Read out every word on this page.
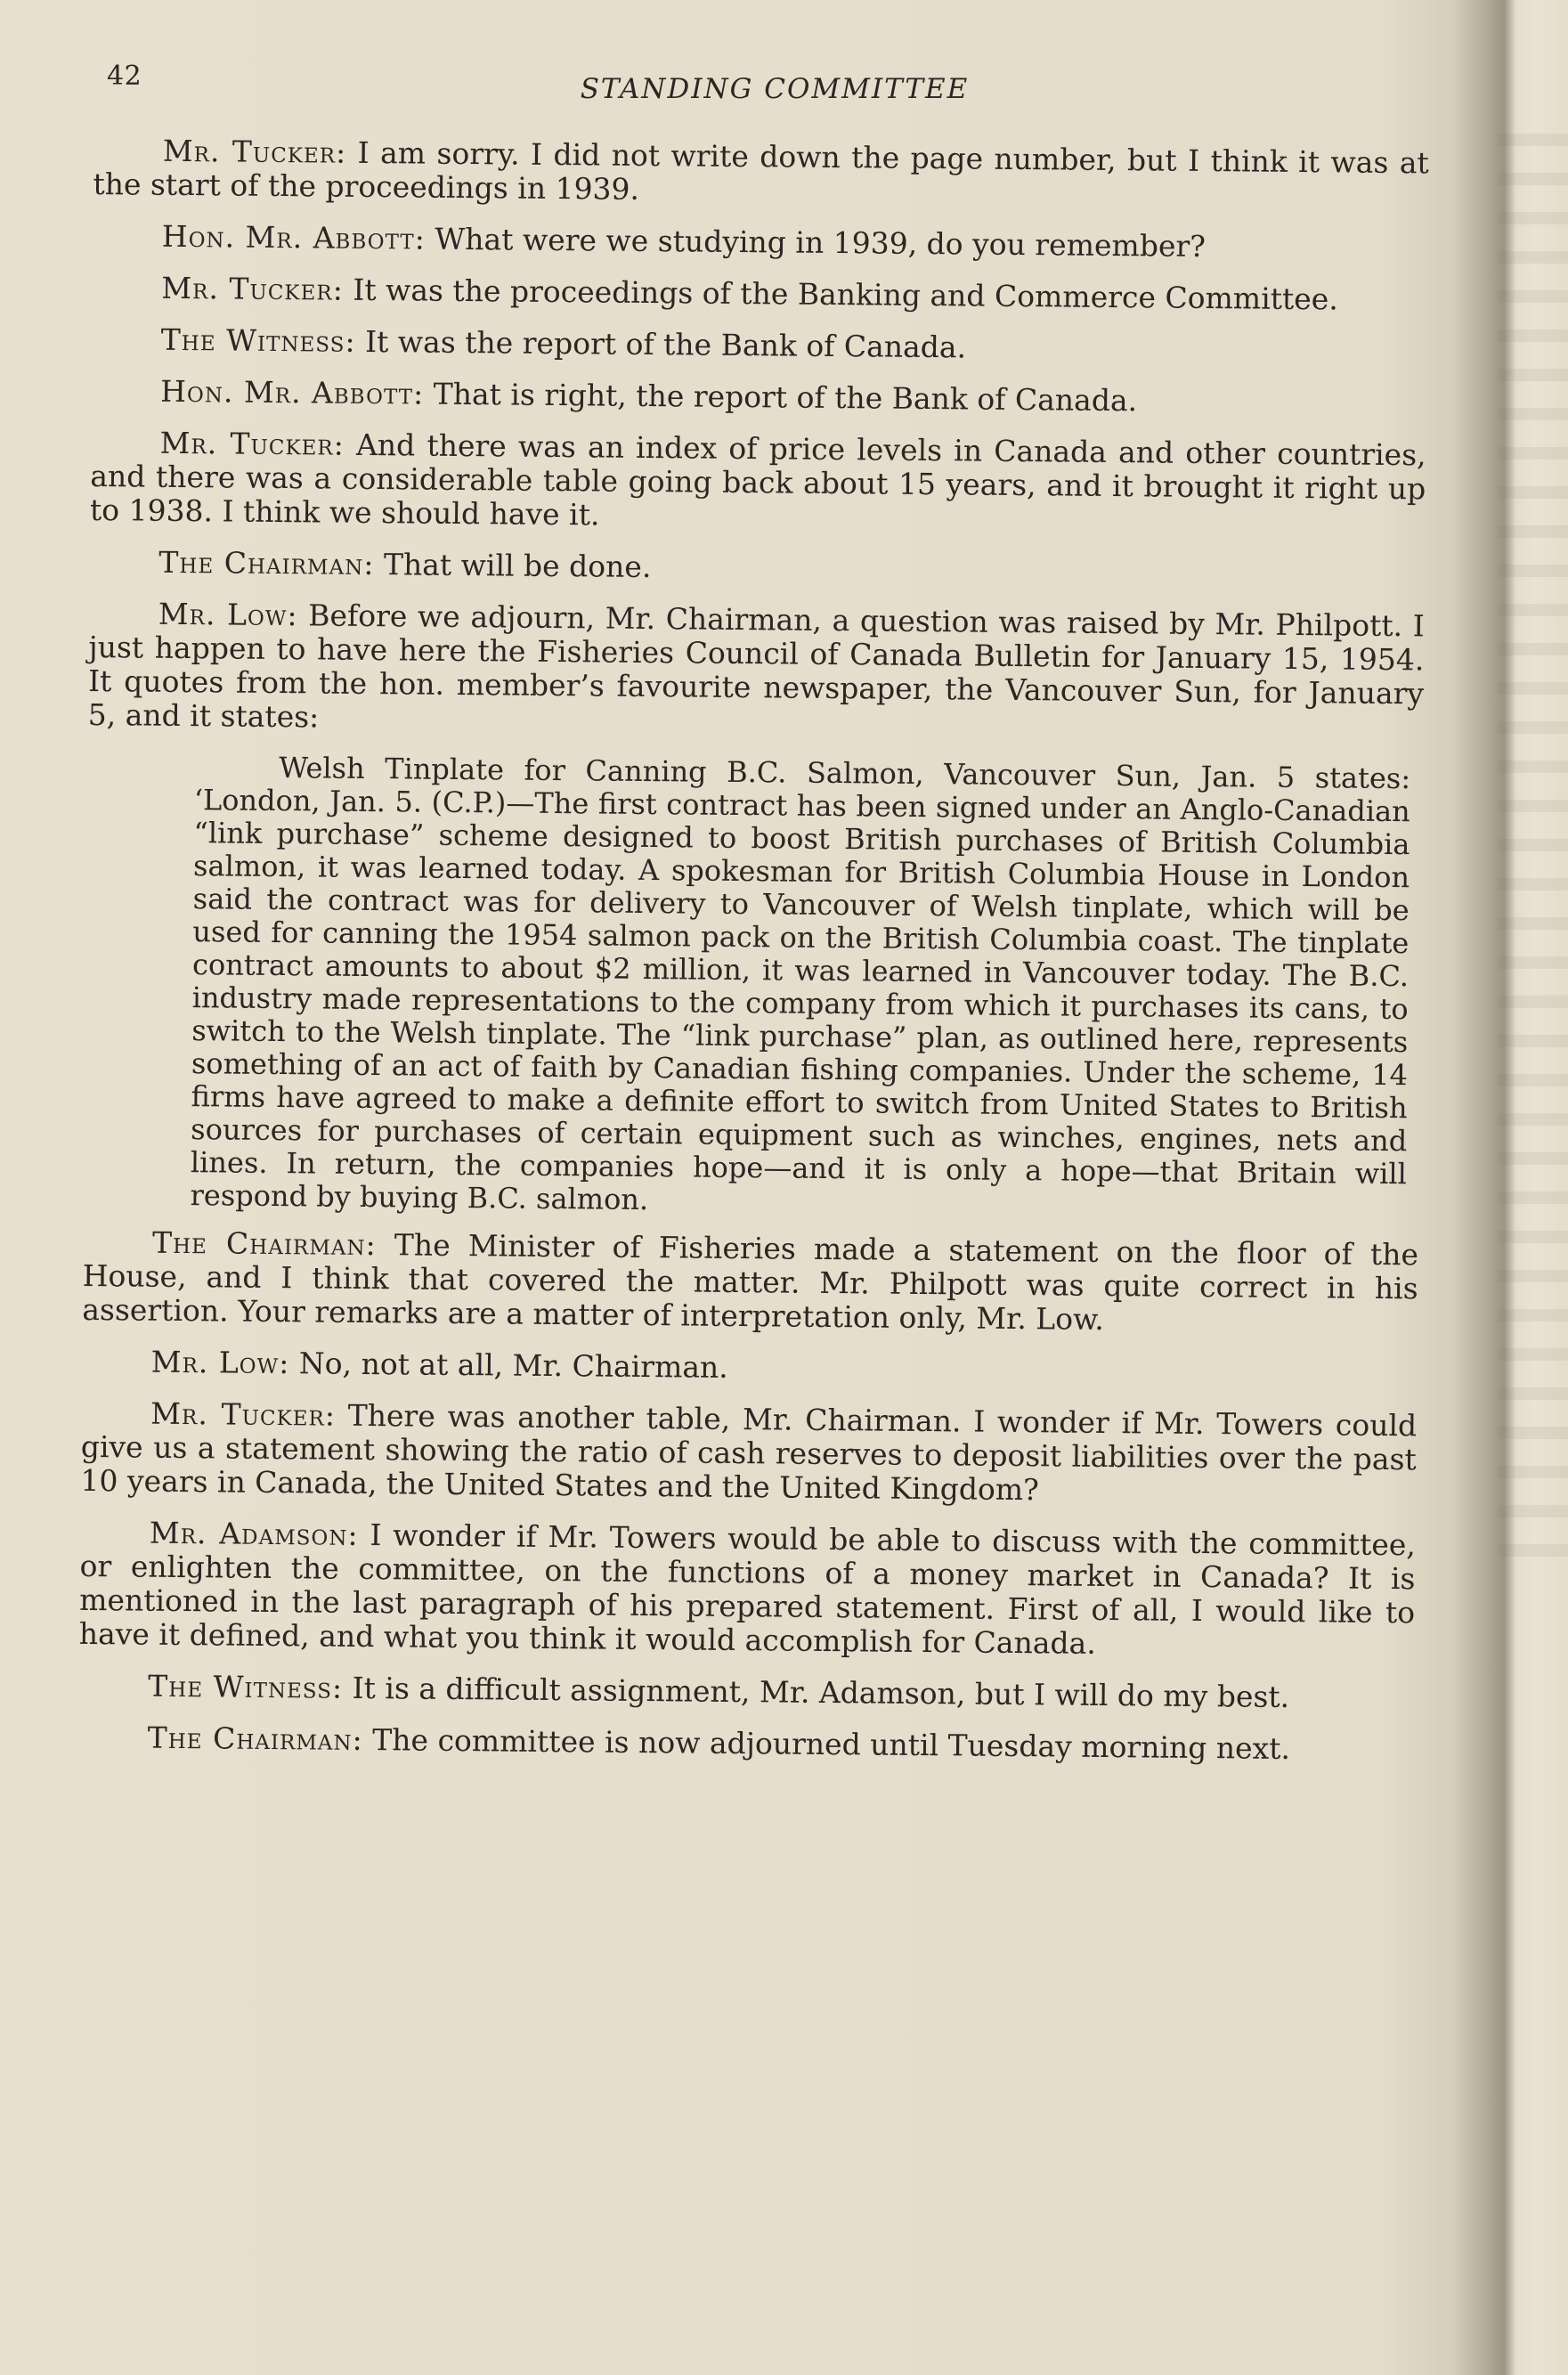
42	STANDING COMMITTEE

Mr. Tucker: I am sorry. I did not write down the page number, but I think it was at the start of the proceedings in 1939.

Hon. Mr. Abbott: What were we studying in 1939, do you remember?

Mr. Tucker: It was the proceedings of the Banking and Commerce Committee.

The Witness: It was the report of the Bank of Canada.

Hon. Mr. Abbott: That is right, the report of the Bank of Canada.

Mr. Tucker: And there was an index of price levels in Canada and other countries, and there was a considerable table going back about 15 years, and it brought it right up to 1938. I think we should have it.

The Chairman: That will be done.

Mr. Low: Before we adjourn, Mr. Chairman, a question was raised by Mr. Philpott. I just happen to have here the Fisheries Council of Canada Bulletin for January 15, 1954. It quotes from the hon. member’s favourite newspaper, the Vancouver Sun, for January 5, and it states:

Welsh Tinplate for Canning B.C. Salmon, Vancouver Sun, Jan. 5 states: ‘London, Jan. 5. (C.P.)—The first contract has been signed under an Anglo-Canadian “link purchase” scheme designed to boost British purchases of British Columbia salmon, it was learned today. A spokesman for British Columbia House in London said the contract was for delivery to Vancouver of Welsh tinplate, which will be used for canning the 1954 salmon pack on the British Columbia coast. The tinplate contract amounts to about $2 million, it was learned in Vancouver today. The B.C. industry made representations to the company from which it purchases its cans, to switch to the Welsh tinplate. The “link purchase” plan, as outlined here, represents something of an act of faith by Canadian fishing companies. Under the scheme, 14 firms have agreed to make a definite effort to switch from United States to British sources for purchases of certain equipment such as winches, engines, nets and lines. In return, the companies hope—and it is only a hope—that Britain will respond by buying B.C. salmon.

The Chairman: The Minister of Fisheries made a statement on the floor of the House, and I think that covered the matter. Mr. Philpott was quite correct in his assertion. Your remarks are a matter of interpretation only, Mr. Low.

Mr. Low: No, not at all, Mr. Chairman.

Mr. Tucker: There was another table, Mr. Chairman. I wonder if Mr. Towers could give us a statement showing the ratio of cash reserves to deposit liabilities over the past 10 years in Canada, the United States and the United Kingdom?

Mr. Adamson: I wonder if Mr. Towers would be able to discuss with the committee, or enlighten the committee, on the functions of a money market in Canada? It is mentioned in the last paragraph of his prepared statement. First of all, I would like to have it defined, and what you think it would accomplish for Canada.

The Witness: It is a difficult assignment, Mr. Adamson, but I will do my best.

The Chairman: The committee is now adjourned until Tuesday morning next.
